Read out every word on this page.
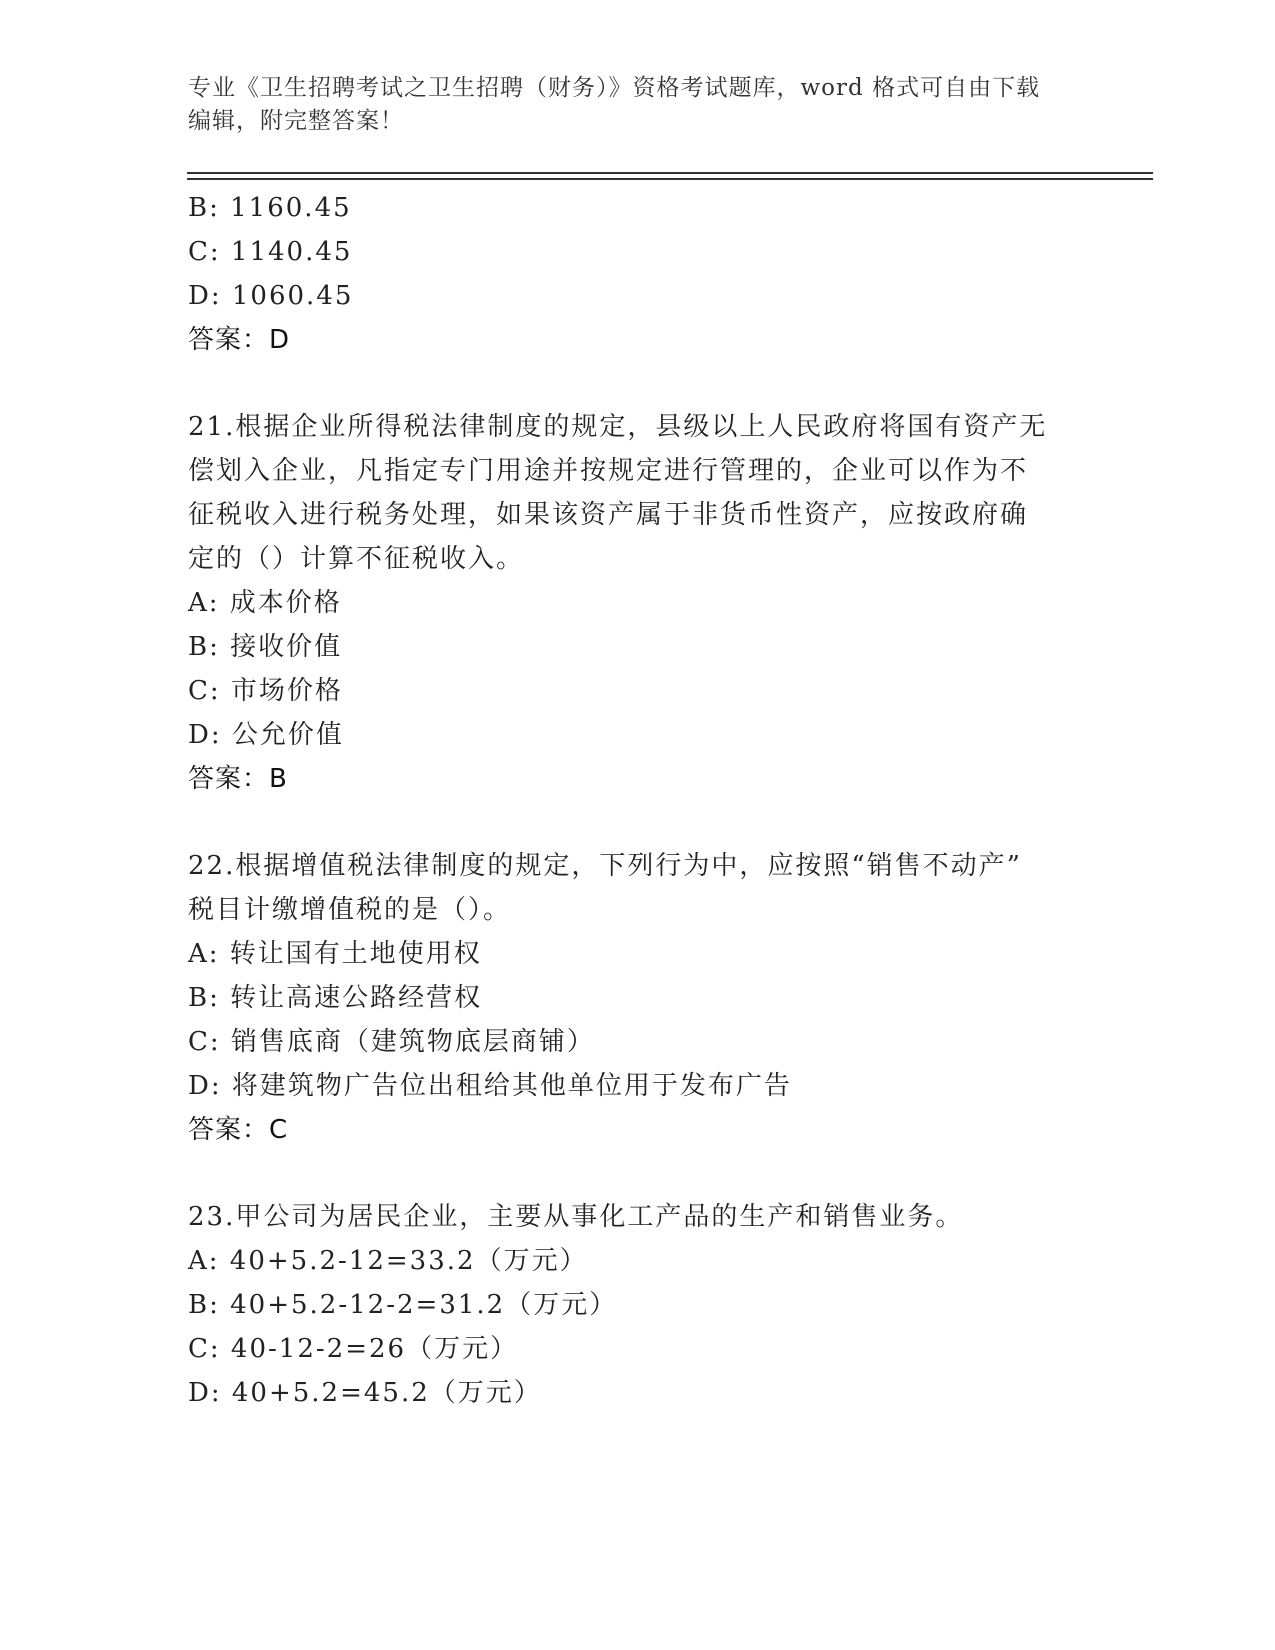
专业《卫生招聘考试之卫生招聘（财务）》资格考试题库，word 格式可自由下载
编辑，附完整答案！
B: 1160.45
C: 1140.45
D: 1060.45
答案：D
21.根据企业所得税法律制度的规定，县级以上人民政府将国有资产无
偿划入企业，凡指定专门用途并按规定进行管理的，企业可以作为不
征税收入进行税务处理，如果该资产属于非货币性资产，应按政府确
定的（）计算不征税收入。
A: 成本价格
B: 接收价值
C: 市场价格
D: 公允价值
答案：B
22.根据增值税法律制度的规定，下列行为中，应按照“销售不动产”
税目计缴增值税的是（）。
A: 转让国有土地使用权
B: 转让高速公路经营权
C: 销售底商（建筑物底层商铺）
D: 将建筑物广告位出租给其他单位用于发布广告
答案：C
23.甲公司为居民企业，主要从事化工产品的生产和销售业务。
A: 40+5.2-12=33.2（万元）
B: 40+5.2-12-2=31.2（万元）
C: 40-12-2=26（万元）
D: 40+5.2=45.2（万元）
